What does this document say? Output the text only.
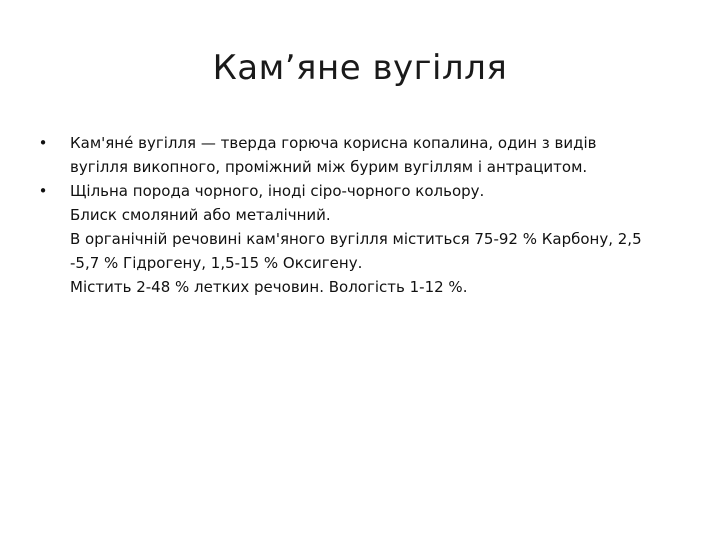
Кам’яне вугілля
• Кам'яне́ вугілля — тверда горюча корисна копалина, один з видів
вугілля викопного, проміжний між бурим вугіллям і антрацитом.
• Щільна порода чорного, іноді сіро-чорного кольору.
Блиск смоляний або металічний.
В органічній речовині кам'яного вугілля міститься 75-92 % Карбону, 2,5
-5,7 % Гідрогену, 1,5-15 % Оксигену.
Містить 2-48 % летких речовин. Вологість 1-12 %.
